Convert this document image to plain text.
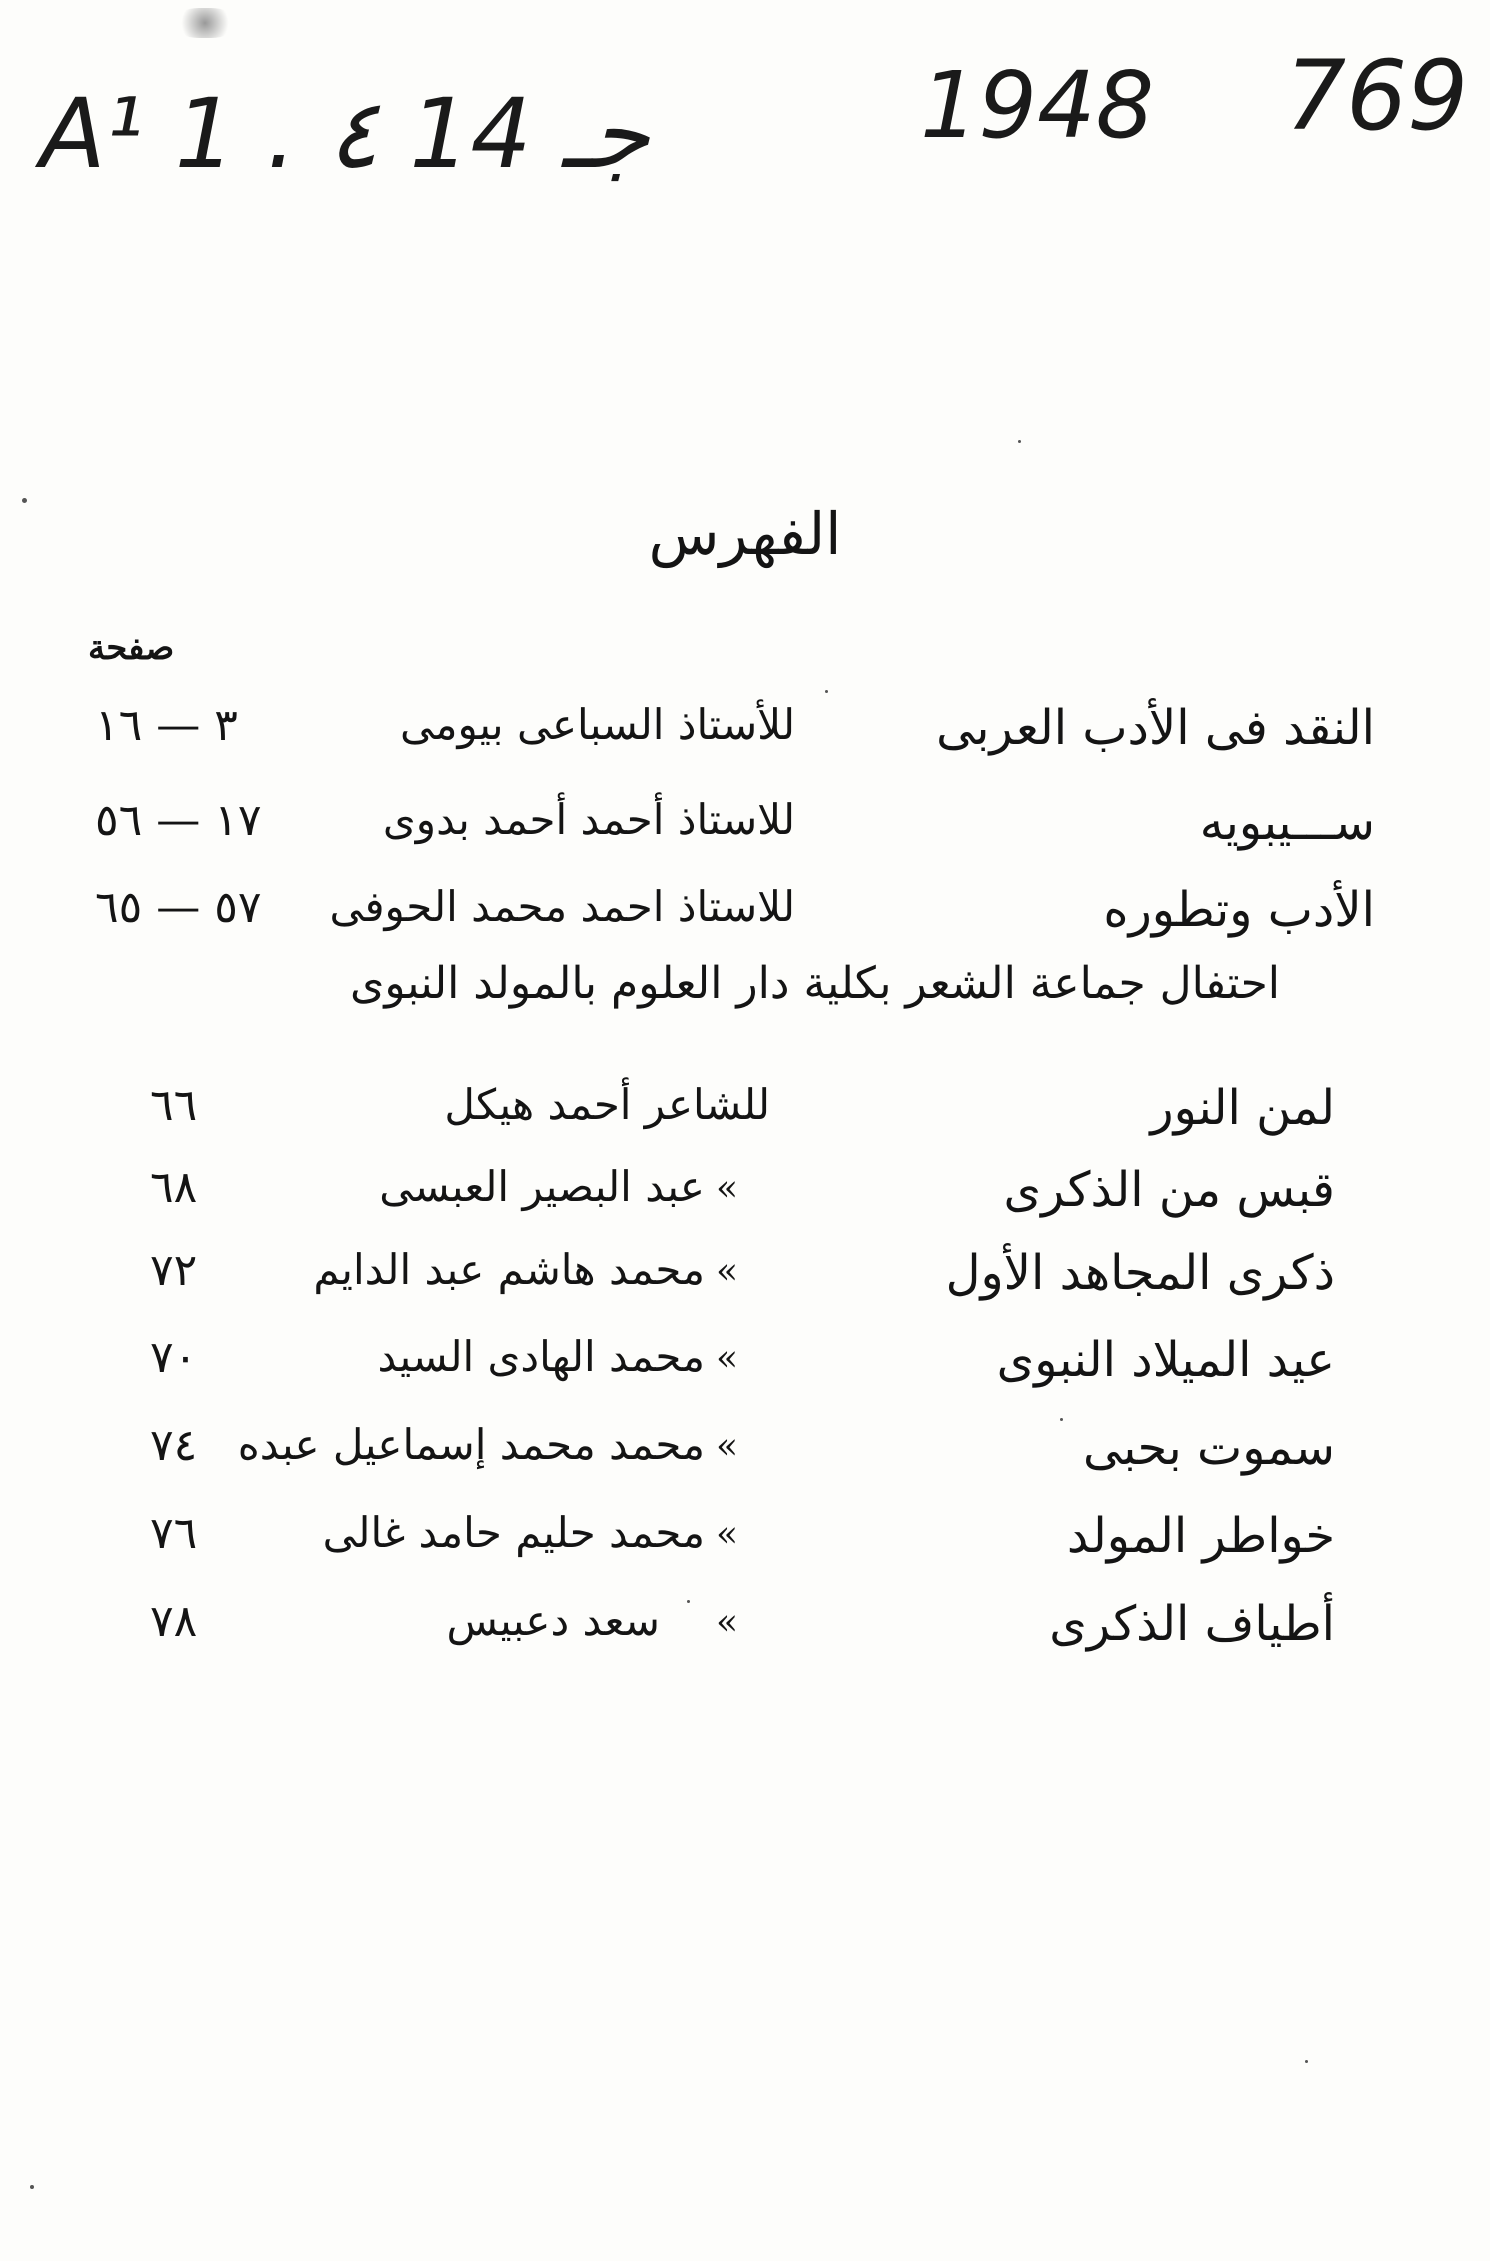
A¹ 1 . ٤ 14 جـ	1948 769
الفهرس
صفحة
النقد فى الأدب العربى
للأستاذ السباعى بيومى
٣ — ١٦
ســـيبويه
للاستاذ أحمد أحمد بدوى
١٧ — ٥٦
الأدب وتطوره
للاستاذ احمد محمد الحوفى
٥٧ — ٦٥
احتفال جماعة الشعر بكلية دار العلوم بالمولد النبوى
لمن النور
للشاعر أحمد هيكل
٦٦
قبس من الذكرى
«
عبد البصير العبسى
٦٨
ذكرى المجاهد الأول
«
محمد هاشم عبد الدايم
٧٢
عيد الميلاد النبوى
«
محمد الهادى السيد
٧٠
سموت بحبى
«
محمد محمد إسماعيل عبده
٧٤
خواطر المولد
«
محمد حليم حامد غالى
٧٦
أطياف الذكرى
«
سعد دعبيس
٧٨
